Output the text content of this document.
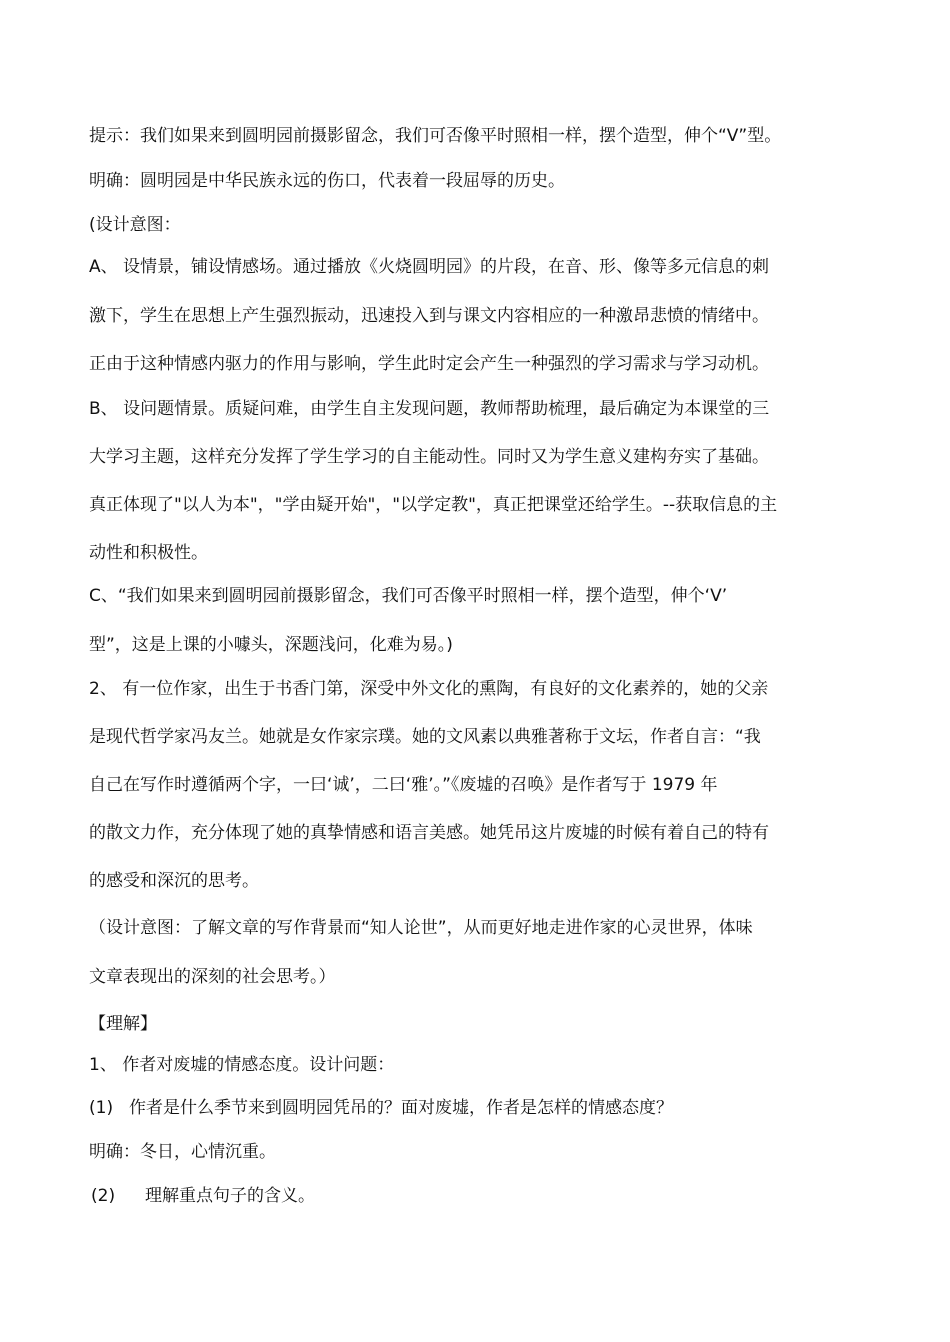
提示：我们如果来到圆明园前摄影留念，我们可否像平时照相一样，摆个造型，伸个“V”型。
明确：圆明园是中华民族永远的伤口，代表着一段屈辱的历史。
(设计意图：
A、 设情景，铺设情感场。通过播放《火烧圆明园》的片段，在音、形、像等多元信息的刺
激下，学生在思想上产生强烈振动，迅速投入到与课文内容相应的一种激昂悲愤的情绪中。
正由于这种情感内驱力的作用与影响，学生此时定会产生一种强烈的学习需求与学习动机。
B、 设问题情景。质疑问难，由学生自主发现问题，教师帮助梳理，最后确定为本课堂的三
大学习主题，这样充分发挥了学生学习的自主能动性。同时又为学生意义建构夯实了基础。
真正体现了"以人为本"，"学由疑开始"，"以学定教"，真正把课堂还给学生。--获取信息的主
动性和积极性。
C、“我们如果来到圆明园前摄影留念，我们可否像平时照相一样，摆个造型，伸个‘V’
型”，这是上课的小噱头，深题浅问，化难为易。)
2、 有一位作家，出生于书香门第，深受中外文化的熏陶，有良好的文化素养的，她的父亲
是现代哲学家冯友兰。她就是女作家宗璞。她的文风素以典雅著称于文坛，作者自言：“我
自己在写作时遵循两个字，一曰‘诚’，二曰‘雅’。”《废墟的召唤》是作者写于 1979 年
的散文力作，充分体现了她的真挚情感和语言美感。她凭吊这片废墟的时候有着自己的特有
的感受和深沉的思考。
（设计意图：了解文章的写作背景而“知人论世”，从而更好地走进作家的心灵世界，体味
文章表现出的深刻的社会思考。）
【理解】
1、 作者对废墟的情感态度。设计问题：
(1) 作者是什么季节来到圆明园凭吊的？面对废墟，作者是怎样的情感态度？
明确：冬日，心情沉重。
(2) 理解重点句子的含义。
